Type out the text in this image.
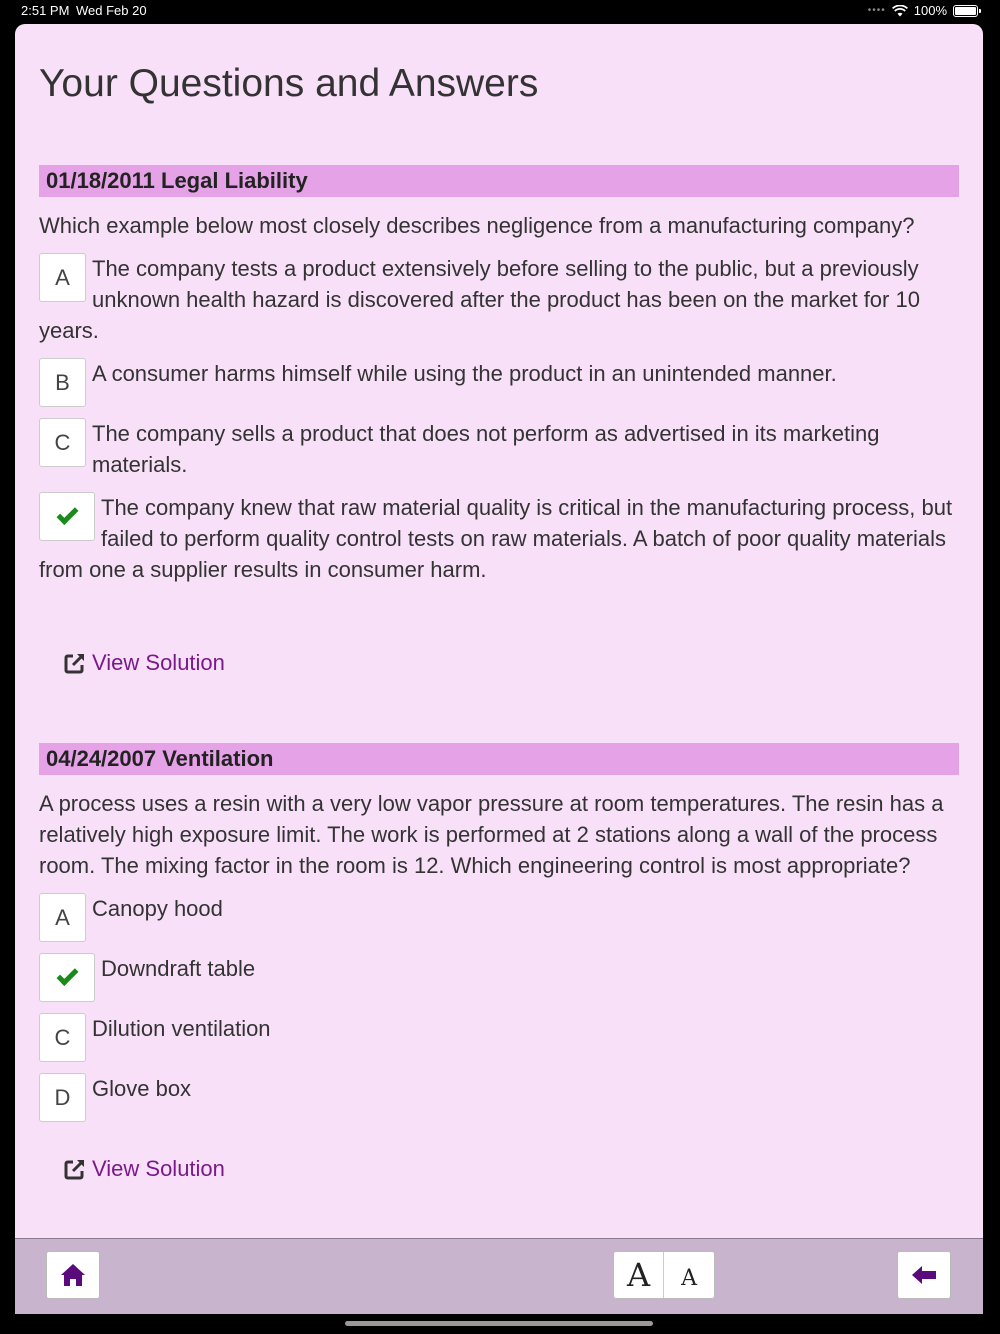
2:51 PM Wed Feb 20	•••• 100%
Your Questions and Answers
01/18/2011 Legal Liability

Which example below most closely describes negligence from a manufacturing company?

A	The company tests a product extensively before selling to the public, but a previously unknown health hazard is discovered after the product has been on the market for 10 years.
B	A consumer harms himself while using the product in an unintended manner.
C The company sells a product that does not perform as advertised in its marketing materials.
The company knew that raw material quality is critical in the manufacturing process, but failed to perform quality control tests on raw materials. A batch of poor quality materials from one a supplier results in consumer harm.
View Solution
04/24/2007 Ventilation

A process uses a resin with a very low vapor pressure at room temperatures. The resin has a relatively high exposure limit. The work is performed at 2 stations along a wall of the process room. The mixing factor in the room is 12. Which engineering control is most appropriate?

A	Canopy hood
Downdraft table
C Dilution ventilation
D Glove box
View Solution
A	A
